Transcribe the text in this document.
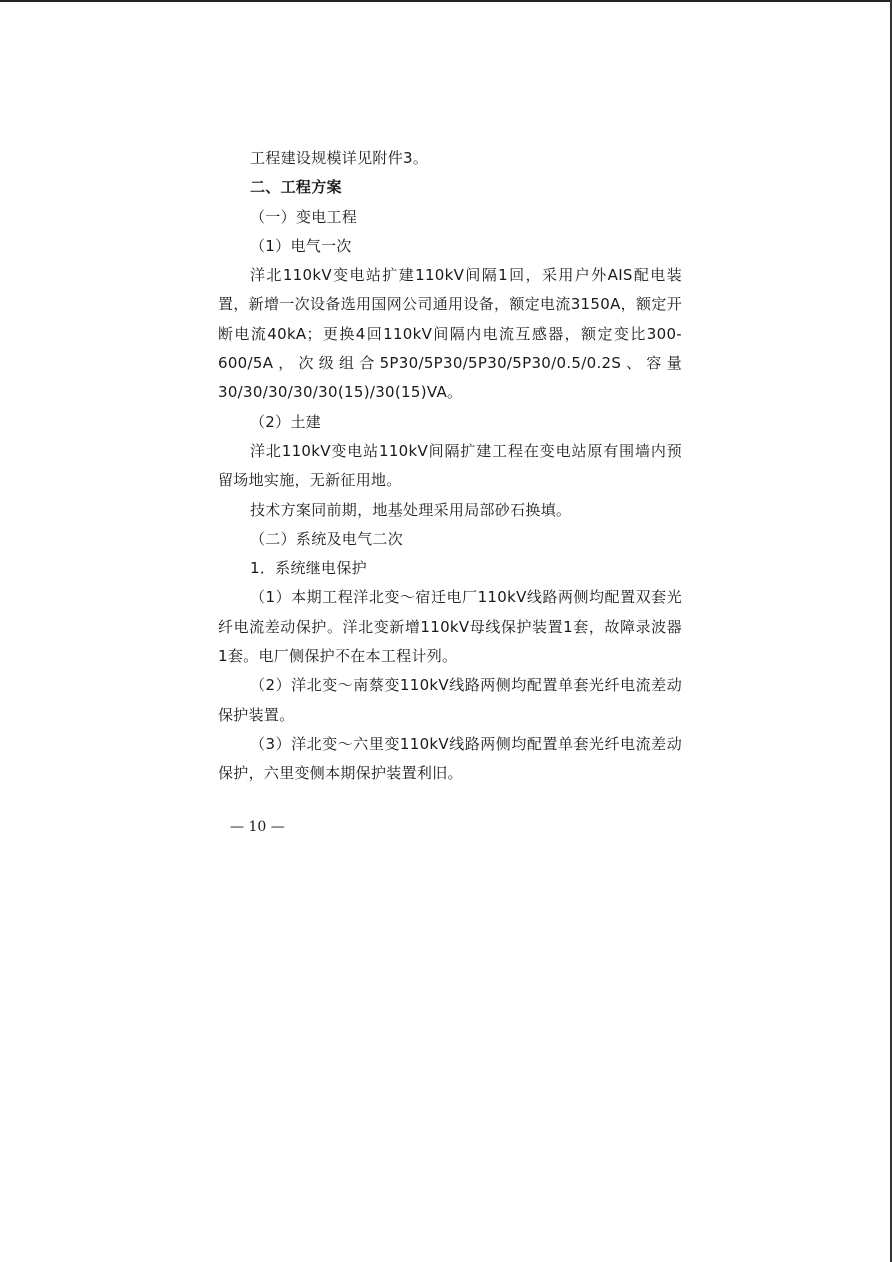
工程建设规模详见附件3。

二、工程方案

（一）变电工程

（1）电气一次

洋北110kV变电站扩建110kV间隔1回，采用户外AIS配电装置，新增一次设备选用国网公司通用设备，额定电流3150A，额定开断电流40kA；更换4回110kV间隔内电流互感器，额定变比300-600/5A，次级组合5P30/5P30/5P30/5P30/0.5/0.2S、容量30/30/30/30/30(15)/30(15)VA。

（2）土建

洋北110kV变电站110kV间隔扩建工程在变电站原有围墙内预留场地实施，无新征用地。

技术方案同前期，地基处理采用局部砂石换填。

（二）系统及电气二次

1．系统继电保护

（1）本期工程洋北变～宿迁电厂110kV线路两侧均配置双套光纤电流差动保护。洋北变新增110kV母线保护装置1套，故障录波器1套。电厂侧保护不在本工程计列。

（2）洋北变～南蔡变110kV线路两侧均配置单套光纤电流差动保护装置。

（3）洋北变～六里变110kV线路两侧均配置单套光纤电流差动保护，六里变侧本期保护装置利旧。

— 10 —
